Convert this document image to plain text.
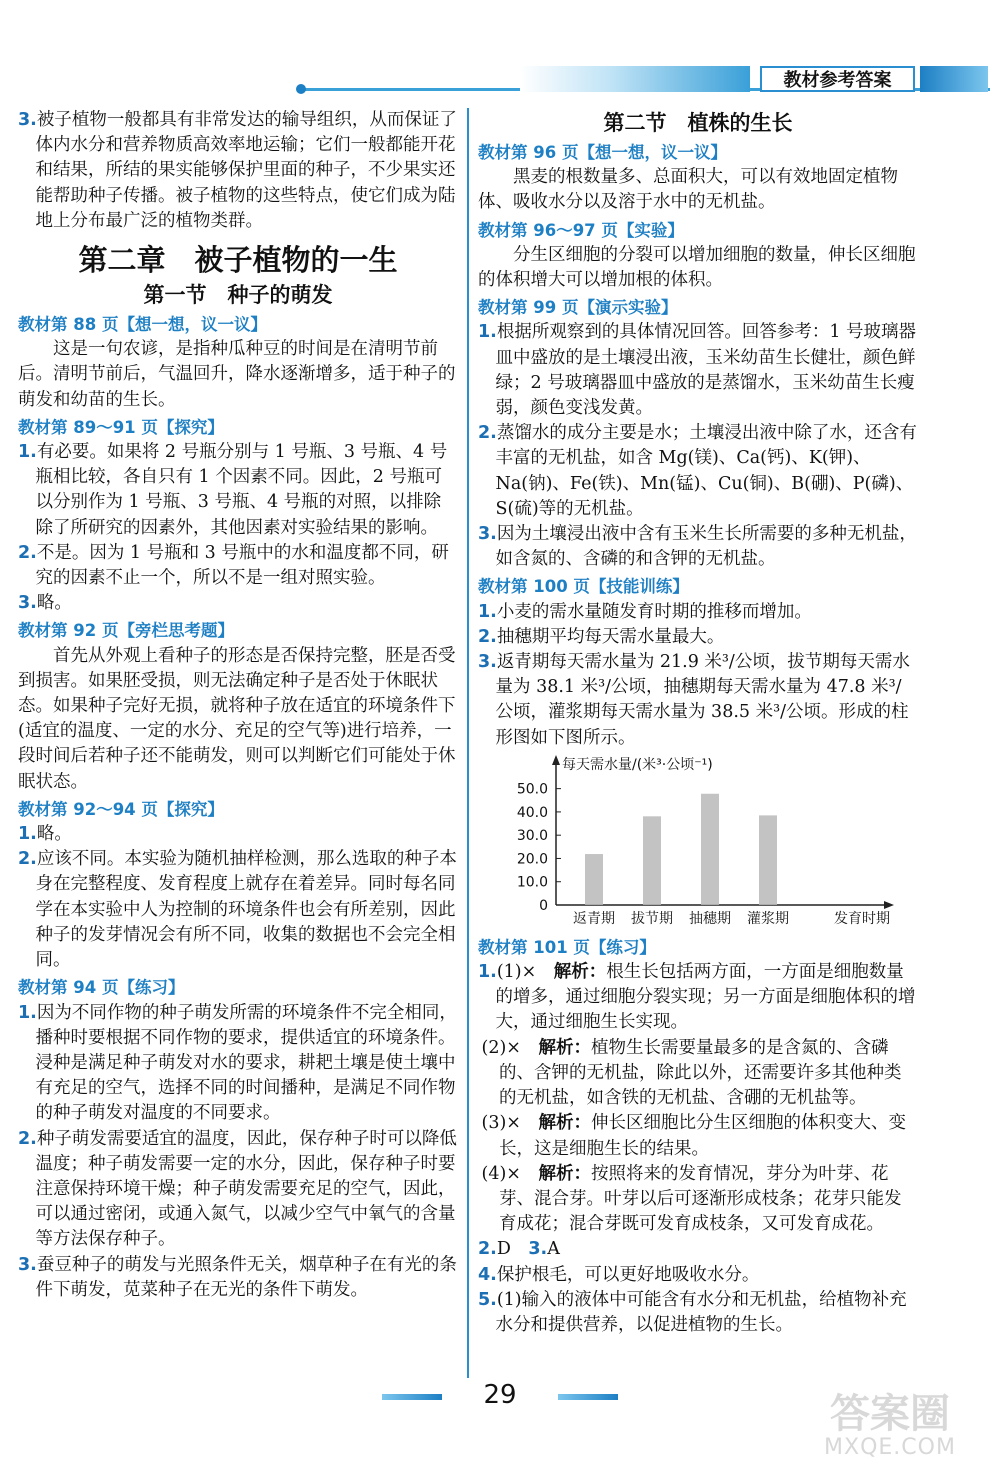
教材参考答案

3.被子植物一般都具有非常发达的输导组织，从而保证了体内水分和营养物质高效率地运输；它们一般都能开花和结果，所结的果实能够保护里面的种子，不少果实还能帮助种子传播。被子植物的这些特点，使它们成为陆地上分布最广泛的植物类群。

第二章　被子植物的一生
第一节　种子的萌发

教材第 88 页【想一想，议一议】

这是一句农谚，是指种瓜种豆的时间是在清明节前后。清明节前后，气温回升，降水逐渐增多，适于种子的萌发和幼苗的生长。

教材第 89～91 页【探究】

1.有必要。如果将 2 号瓶分别与 1 号瓶、3 号瓶、4 号瓶相比较，各自只有 1 个因素不同。因此，2 号瓶可以分别作为 1 号瓶、3 号瓶、4 号瓶的对照，以排除除了所研究的因素外，其他因素对实验结果的影响。

2.不是。因为 1 号瓶和 3 号瓶中的水和温度都不同，研究的因素不止一个，所以不是一组对照实验。

3.略。

教材第 92 页【旁栏思考题】

首先从外观上看种子的形态是否保持完整，胚是否受到损害。如果胚受损，则无法确定种子是否处于休眠状态。如果种子完好无损，就将种子放在适宜的环境条件下(适宜的温度、一定的水分、充足的空气等)进行培养，一段时间后若种子还不能萌发，则可以判断它们可能处于休眠状态。

教材第 92～94 页【探究】

1.略。

2.应该不同。本实验为随机抽样检测，那么选取的种子本身在完整程度、发育程度上就存在着差异。同时每名同学在本实验中人为控制的环境条件也会有所差别，因此种子的发芽情况会有所不同，收集的数据也不会完全相同。

教材第 94 页【练习】

1.因为不同作物的种子萌发所需的环境条件不完全相同，播种时要根据不同作物的要求，提供适宜的环境条件。浸种是满足种子萌发对水的要求，耕耙土壤是使土壤中有充足的空气，选择不同的时间播种，是满足不同作物的种子萌发对温度的不同要求。

2.种子萌发需要适宜的温度，因此，保存种子时可以降低温度；种子萌发需要一定的水分，因此，保存种子时要注意保持环境干燥；种子萌发需要充足的空气，因此，可以通过密闭，或通入氮气，以减少空气中氧气的含量等方法保存种子。

3.蚕豆种子的萌发与光照条件无关，烟草种子在有光的条件下萌发，苋菜种子在无光的条件下萌发。

第二节　植株的生长

教材第 96 页【想一想，议一议】

黑麦的根数量多、总面积大，可以有效地固定植物体、吸收水分以及溶于水中的无机盐。

教材第 96～97 页【实验】

分生区细胞的分裂可以增加细胞的数量，伸长区细胞的体积增大可以增加根的体积。

教材第 99 页【演示实验】

1.根据所观察到的具体情况回答。回答参考：1 号玻璃器皿中盛放的是土壤浸出液，玉米幼苗生长健壮，颜色鲜绿；2 号玻璃器皿中盛放的是蒸馏水，玉米幼苗生长瘦弱，颜色变浅发黄。

2.蒸馏水的成分主要是水；土壤浸出液中除了水，还含有丰富的无机盐，如含 Mg(镁)、Ca(钙)、K(钾)、Na(钠)、Fe(铁)、Mn(锰)、Cu(铜)、B(硼)、P(磷)、S(硫)等的无机盐。

3.因为土壤浸出液中含有玉米生长所需要的多种无机盐，如含氮的、含磷的和含钾的无机盐。

教材第 100 页【技能训练】

1.小麦的需水量随发育时期的推移而增加。

2.抽穗期平均每天需水量最大。

3.返青期每天需水量为 21.9 米³/公顷，拔节期每天需水量为 38.1 米³/公顷，抽穗期每天需水量为 47.8 米³/公顷，灌浆期每天需水量为 38.5 米³/公顷。形成的柱形图如下图所示。

每天需水量/(米³·公顷⁻¹)
0
10.0
20.0
30.0
40.0
50.0
返青期 拔节期 抽穗期 灌浆期	发育时期

教材第 101 页【练习】

1.(1)×　 解析：根生长包括两方面，一方面是细胞数量的增多，通过细胞分裂实现；另一方面是细胞体积的增大，通过细胞生长实现。

(2)×　 解析：植物生长需要量最多的是含氮的、含磷的、含钾的无机盐，除此以外，还需要许多其他种类的无机盐，如含铁的无机盐、含硼的无机盐等。

(3)×　 解析：伸长区细胞比分生区细胞的体积变大、变长，这是细胞生长的结果。

(4)×　 解析：按照将来的发育情况，芽分为叶芽、花芽、混合芽。叶芽以后可逐渐形成枝条；花芽只能发育成花；混合芽既可发育成枝条，又可发育成花。

2.D　3.A

4.保护根毛，可以更好地吸收水分。

5.(1)输入的液体中可能含有水分和无机盐，给植物补充水分和提供营养，以促进植物的生长。

29	答案圈
MXQE.COM
